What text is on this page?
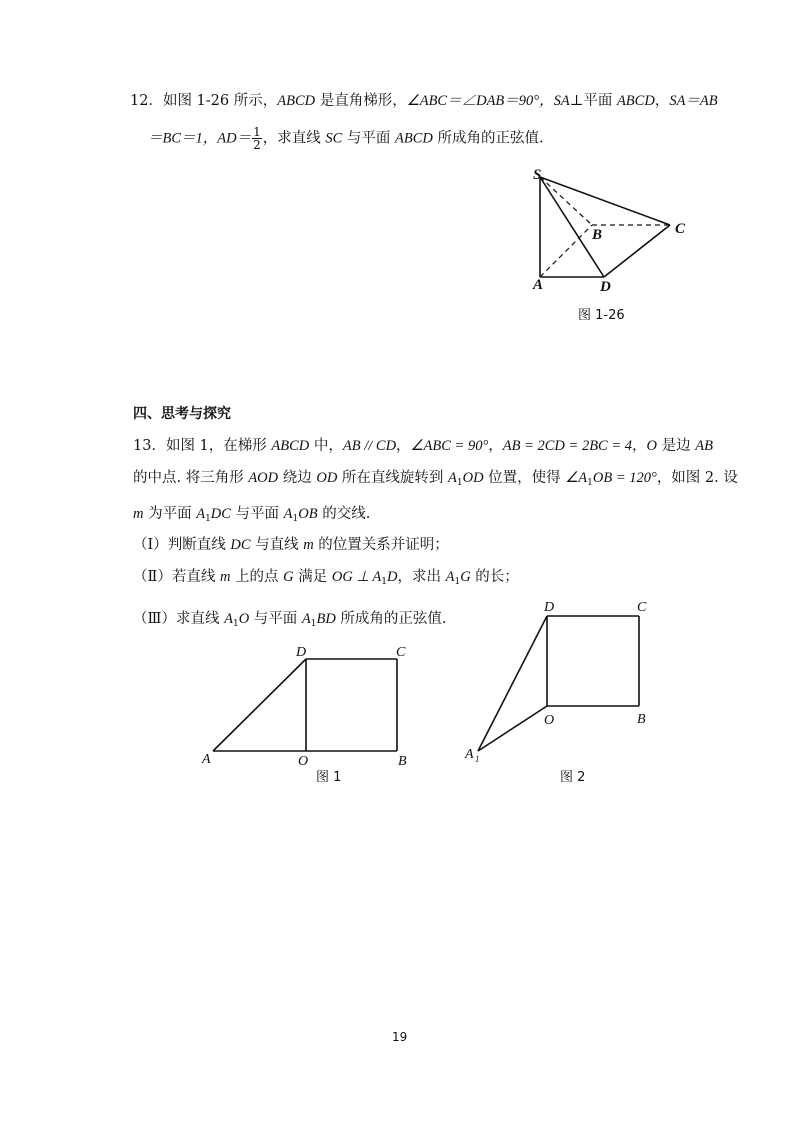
12．如图 1-26 所示，ABCD 是直角梯形，∠ABC＝∠DAB＝90°，SA⊥平面 ABCD，SA＝AB
＝BC＝1，$AD= \frac{1}{2}$ ，求直线 SC 与平面 ABCD 所成角的正弦值.
S
A
B	C
D
图 1-26
四、思考与探究
13．如图 1，在梯形 ABCD 中，AB // CD，∠ABC = 90°，AB = 2CD = 2BC = 4，O 是边 AB
的中点. 将三角形 AOD 绕边 OD 所在直线旋转到 $A_1OD$ 位置，使得 $\angle A_1OB = 120^\circ$，如图 2. 设
m 为平面 $A_1DC$ 与平面 $A_1OB$ 的交线.
（Ⅰ）判断直线 DC 与直线 m 的位置关系并证明；
（Ⅱ）若直线 m 上的点 G 满足 OG ⊥ $A_1D$，求出 $A_1G$ 的长；
（Ⅲ）求直线 $A_1O$ 与平面 $A_1BD$ 所成角的正弦值.
A	O	B
C
D
图 1
A 1
O	B
C
D
图 2
19
